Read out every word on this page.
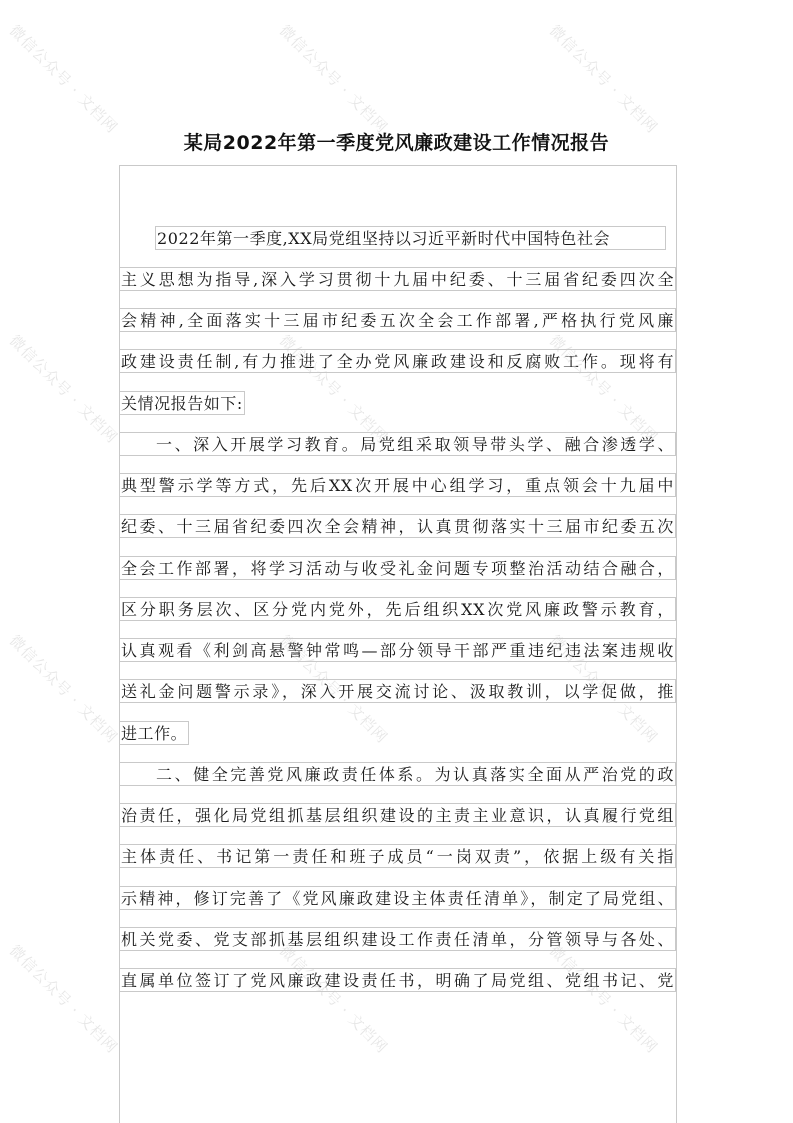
某局2022年第一季度党风廉政建设工作情况报告
2022年第一季度,XX局党组坚持以习近平新时代中国特色社会
主义思想为指导,深入学习贯彻十九届中纪委、十三届省纪委四次全
会精神,全面落实十三届市纪委五次全会工作部署,严格执行党风廉
政建设责任制,有力推进了全办党风廉政建设和反腐败工作。现将有
关情况报告如下:
一、深入开展学习教育。局党组采取领导带头学、融合渗透学、
典型警示学等方式，先后XX次开展中心组学习，重点领会十九届中
纪委、十三届省纪委四次全会精神，认真贯彻落实十三届市纪委五次
全会工作部署，将学习活动与收受礼金问题专项整治活动结合融合，
区分职务层次、区分党内党外，先后组织XX次党风廉政警示教育，
认真观看《利剑高悬警钟常鸣—部分领导干部严重违纪违法案违规收
送礼金问题警示录》，深入开展交流讨论、汲取教训，以学促做，推
进工作。
二、健全完善党风廉政责任体系。为认真落实全面从严治党的政
治责任，强化局党组抓基层组织建设的主责主业意识，认真履行党组
主体责任、书记第一责任和班子成员“一岗双责”，依据上级有关指
示精神，修订完善了《党风廉政建设主体责任清单》，制定了局党组、
机关党委、党支部抓基层组织建设工作责任清单，分管领导与各处、
直属单位签订了党风廉政建设责任书，明确了局党组、党组书记、党
微信公众号 · 文档网	微信公众号 · 文档网	微信公众号 · 文档网
微信公众号 · 文档网	微信公众号 · 文档网	微信公众号 · 文档网
微信公众号 · 文档网	微信公众号 · 文档网	微信公众号 · 文档网
微信公众号 · 文档网	微信公众号 · 文档网	微信公众号 · 文档网
